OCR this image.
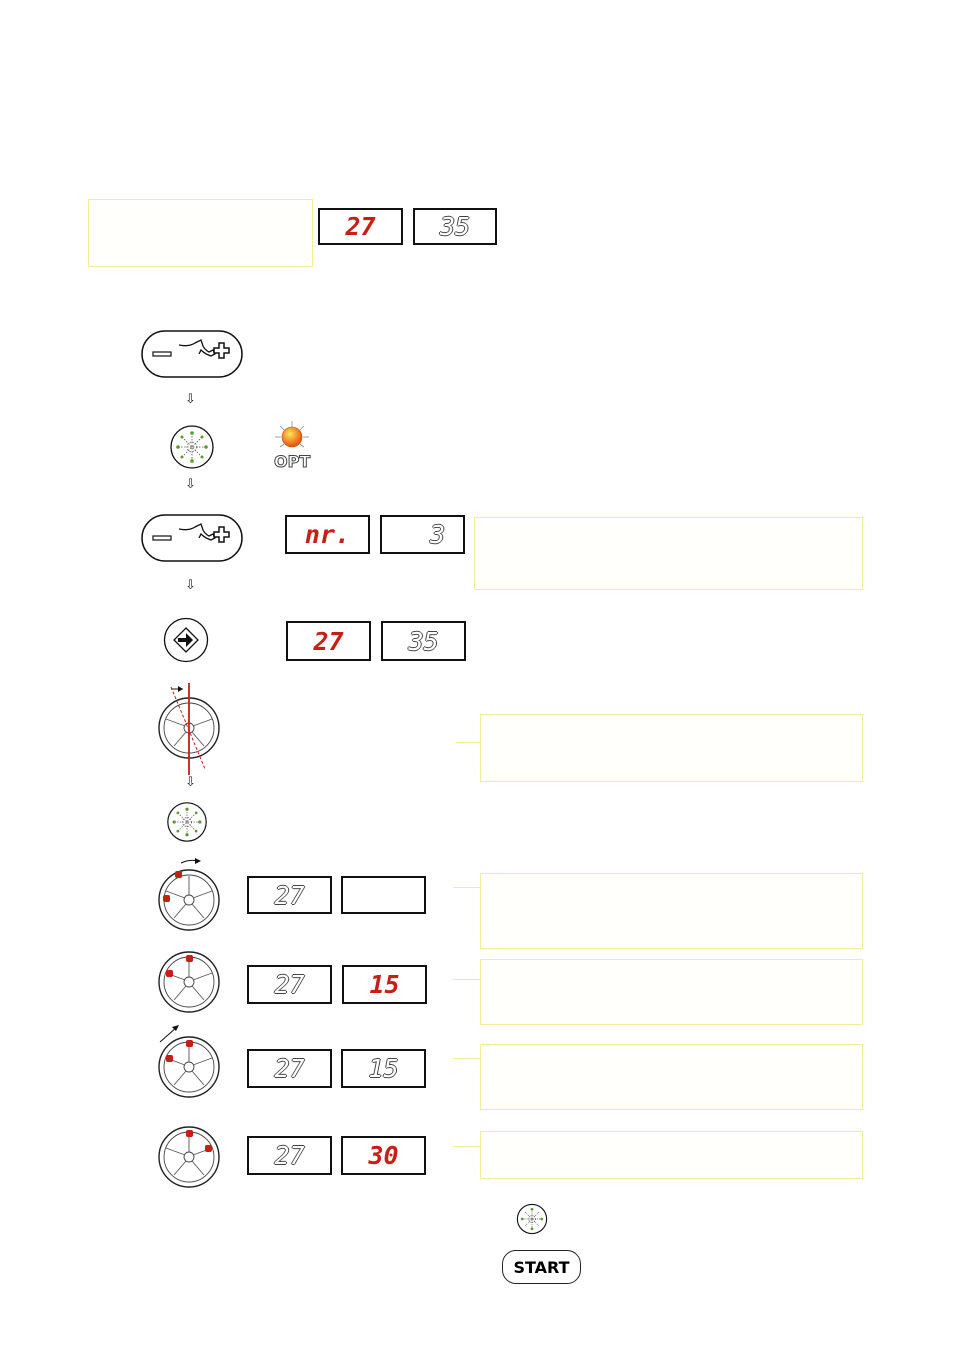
27	35
⇩
OPT
⇩
nr.	3
⇩
27	35
⇩
27
27	15
27	15
27	30
START
